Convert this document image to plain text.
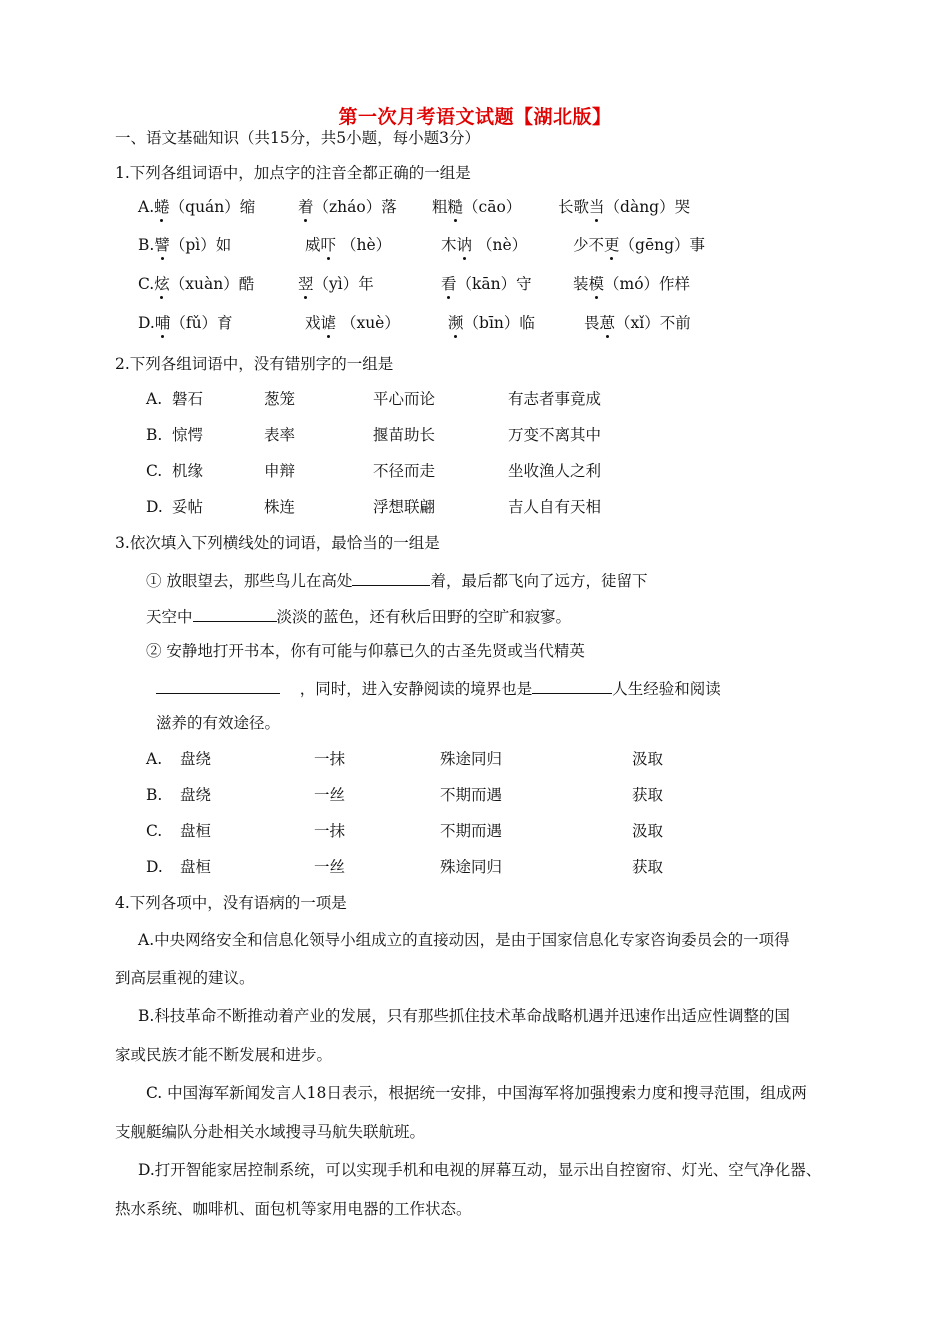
第一次月考语文试题【湖北版】
一、语文基础知识（共15分，共5小题，每小题3分）
1.下列各组词语中，加点字的注音全都正确的一组是
A.蜷（quán）缩	着（zháo）落 粗糙（cāo） 长歌当（dàng）哭
B.譬（pì）如	威吓 （hè）	木讷 （nè）	少不更（gēng）事
C.炫（xuàn）酷	翌（yì）年	看（kān）守	装模（mó）作样
D.哺（fǔ）育	戏谑 （xuè）	濒（bīn）临	畏葸（xǐ）不前
2.下列各组词语中，没有错别字的一组是
A. 磐石	葱笼	平心而论	有志者事竟成
B. 惊愕	表率	揠苗助长	万变不离其中
C. 机缘	申辩	不径而走	坐收渔人之利
D. 妥帖	株连	浮想联翩	吉人自有天相
3.依次填入下列横线处的词语，最恰当的一组是
① 放眼望去，那些鸟儿在高处	着，最后都飞向了远方，徒留下
天空中	淡淡的蓝色，还有秋后田野的空旷和寂寥。
② 安静地打开书本，你有可能与仰慕已久的古圣先贤或当代精英
，同时，进入安静阅读的境界也是	人生经验和阅读
滋养的有效途径。
A. 盘绕	一抹	殊途同归	汲取
B. 盘绕	一丝	不期而遇	获取
C. 盘桓	一抹	不期而遇	汲取
D. 盘桓	一丝	殊途同归	获取
4.下列各项中，没有语病的一项是
A.中央网络安全和信息化领导小组成立的直接动因，是由于国家信息化专家咨询委员会的一项得
到高层重视的建议。
B.科技革命不断推动着产业的发展，只有那些抓住技术革命战略机遇并迅速作出适应性调整的国
家或民族才能不断发展和进步。
C. 中国海军新闻发言人18日表示，根据统一安排，中国海军将加强搜索力度和搜寻范围，组成两
支舰艇编队分赴相关水域搜寻马航失联航班。
D.打开智能家居控制系统，可以实现手机和电视的屏幕互动，显示出自控窗帘、灯光、空气净化器、
热水系统、咖啡机、面包机等家用电器的工作状态。
